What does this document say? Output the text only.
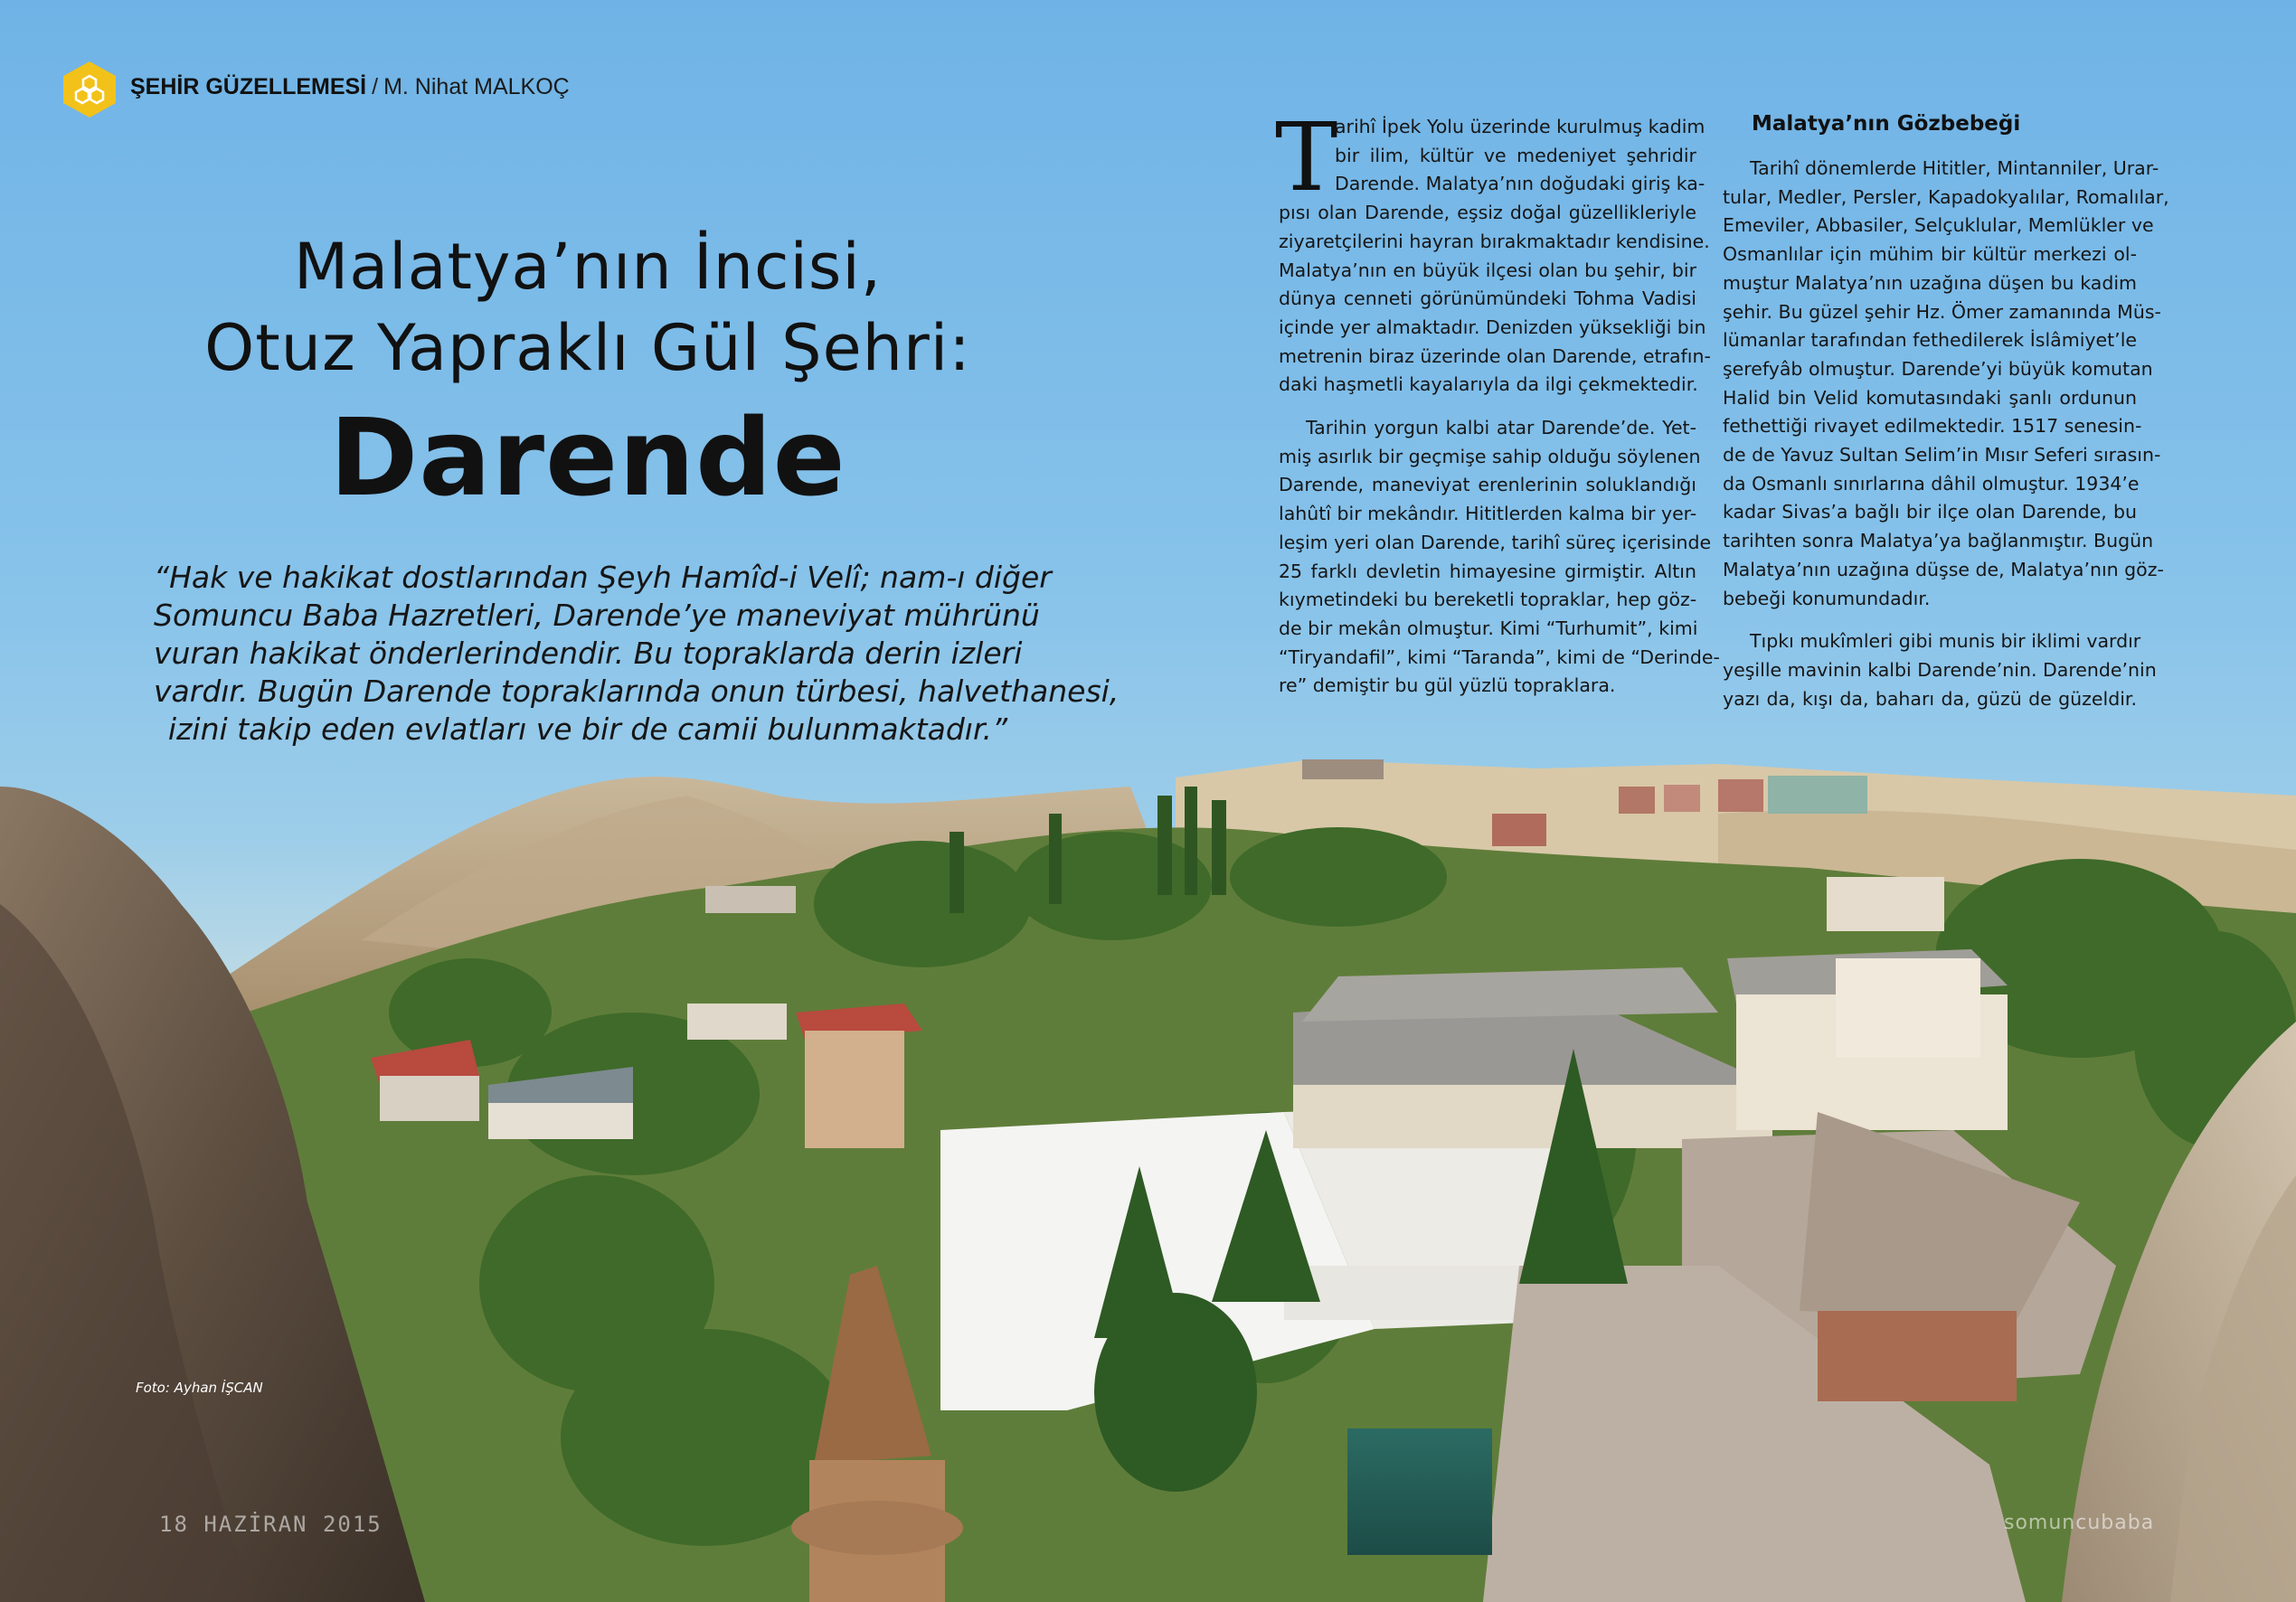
ŞEHİR GÜZELLEMESİ / M. Nihat MALKOÇ
Malatya’nın İncisi,
Otuz Yapraklı Gül Şehri:
Darende
“Hak ve hakikat dostlarından Şeyh Hamîd-i Velî; nam-ı diğer
Somuncu Baba Hazretleri, Darende’ye maneviyat mührünü
vuran hakikat önderlerindendir. Bu topraklarda derin izleri
vardır. Bugün Darende topraklarında onun türbesi, halvethanesi,
izini takip eden evlatları ve bir de camii bulunmaktadır.”
T
arihî İpek Yolu üzerinde kurulmuş kadim
bir ilim, kültür ve medeniyet şehridir
Darende. Malatya’nın doğudaki giriş ka-
pısı olan Darende, eşsiz doğal güzellikleriyle
ziyaretçilerini hayran bırakmaktadır kendisine.
Malatya’nın en büyük ilçesi olan bu şehir, bir
dünya cenneti görünümündeki Tohma Vadisi
içinde yer almaktadır. Denizden yüksekliği bin
metrenin biraz üzerinde olan Darende, etrafın-
daki haşmetli kayalarıyla da ilgi çekmektedir.
Tarihin yorgun kalbi atar Darende’de. Yet-
miş asırlık bir geçmişe sahip olduğu söylenen
Darende, maneviyat erenlerinin soluklandığı
lahûtî bir mekândır. Hititlerden kalma bir yer-
leşim yeri olan Darende, tarihî süreç içerisinde
25 farklı devletin himayesine girmiştir. Altın
kıymetindeki bu bereketli topraklar, hep göz-
de bir mekân olmuştur. Kimi “Turhumit”, kimi
“Tiryandafil”, kimi “Taranda”, kimi de “Derinde-
re” demiştir bu gül yüzlü topraklara.
Malatya’nın Gözbebeği
Tarihî dönemlerde Hititler, Mintanniler, Urar-
tular, Medler, Persler, Kapadokyalılar, Romalılar,
Emeviler, Abbasiler, Selçuklular, Memlükler ve
Osmanlılar için mühim bir kültür merkezi ol-
muştur Malatya’nın uzağına düşen bu kadim
şehir. Bu güzel şehir Hz. Ömer zamanında Müs-
lümanlar tarafından fethedilerek İslâmiyet’le
şerefyâb olmuştur. Darende’yi büyük komutan
Halid bin Velid komutasındaki şanlı ordunun
fethettiği rivayet edilmektedir. 1517 senesin-
de de Yavuz Sultan Selim’in Mısır Seferi sırasın-
da Osmanlı sınırlarına dâhil olmuştur. 1934’e
kadar Sivas’a bağlı bir ilçe olan Darende, bu
tarihten sonra Malatya’ya bağlanmıştır. Bugün
Malatya’nın uzağına düşse de, Malatya’nın göz-
bebeği konumundadır.
Tıpkı mukîmleri gibi munis bir iklimi vardır
yeşille mavinin kalbi Darende’nin. Darende’nin
yazı da, kışı da, baharı da, güzü de güzeldir.
Foto: Ayhan İŞCAN
18 HAZİRAN 2015	somuncubaba
